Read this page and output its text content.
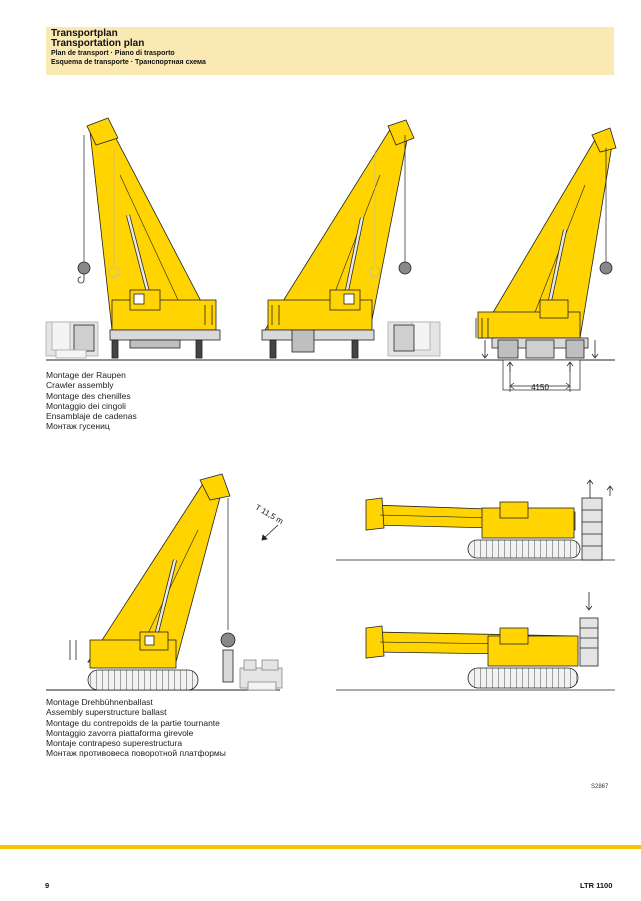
Transportplan
Transportation plan
Plan de transport · Piano di trasporto
Esquema de transporte · Транспортная схема
4150
T 11,5 m
Montage der Raupen
Crawler assembly
Montage des chenilles
Montaggio dei cingoli
Ensamblaje de cadenas
Монтаж гусениц
Montage Drehbühnenballast
Assembly superstructure ballast
Montage du contrepoids de la partie tournante
Montaggio zavorra piattaforma girevole
Montaje contrapeso superestructura
Монтаж противовеса поворотной платформы
S2867
9	LTR 1100
